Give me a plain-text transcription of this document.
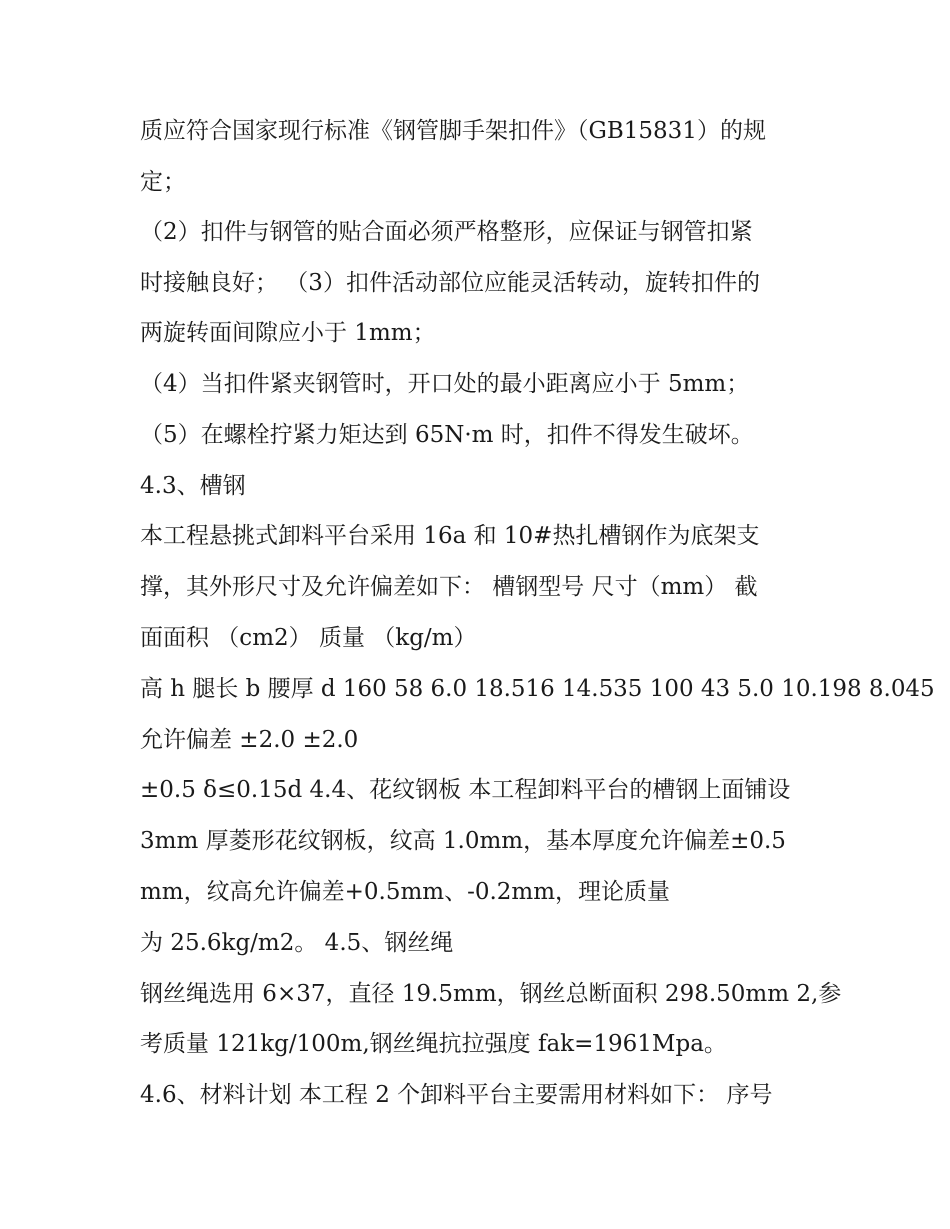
质应符合国家现行标准《钢管脚手架扣件》（GB15831）的规
定；
（2）扣件与钢管的贴合面必须严格整形，应保证与钢管扣紧
时接触良好； （3）扣件活动部位应能灵活转动，旋转扣件的
两旋转面间隙应小于 1mm；
（4）当扣件紧夹钢管时，开口处的最小距离应小于 5mm；
（5）在螺栓拧紧力矩达到 65N·m 时，扣件不得发生破坏。
4.3、槽钢
本工程悬挑式卸料平台采用 16a 和 10#热扎槽钢作为底架支
撑，其外形尺寸及允许偏差如下： 槽钢型号 尺寸（mm） 截
面面积 （cm2） 质量 （kg/m）
高 h 腿长 b 腰厚 d 160 58 6.0 18.516 14.535 100 43 5.0 10.198 8.045
允许偏差 ±2.0 ±2.0
±0.5 δ≤0.15d 4.4、花纹钢板 本工程卸料平台的槽钢上面铺设
3mm 厚菱形花纹钢板，纹高 1.0mm，基本厚度允许偏差±0.5
mm，纹高允许偏差+0.5mm、-0.2mm，理论质量
为 25.6kg/m2。 4.5、钢丝绳
钢丝绳选用 6×37，直径 19.5mm，钢丝总断面积 298.50mm 2,参
考质量 121kg/100m,钢丝绳抗拉强度 fak=1961Mpa。
4.6、材料计划 本工程 2 个卸料平台主要需用材料如下： 序号
